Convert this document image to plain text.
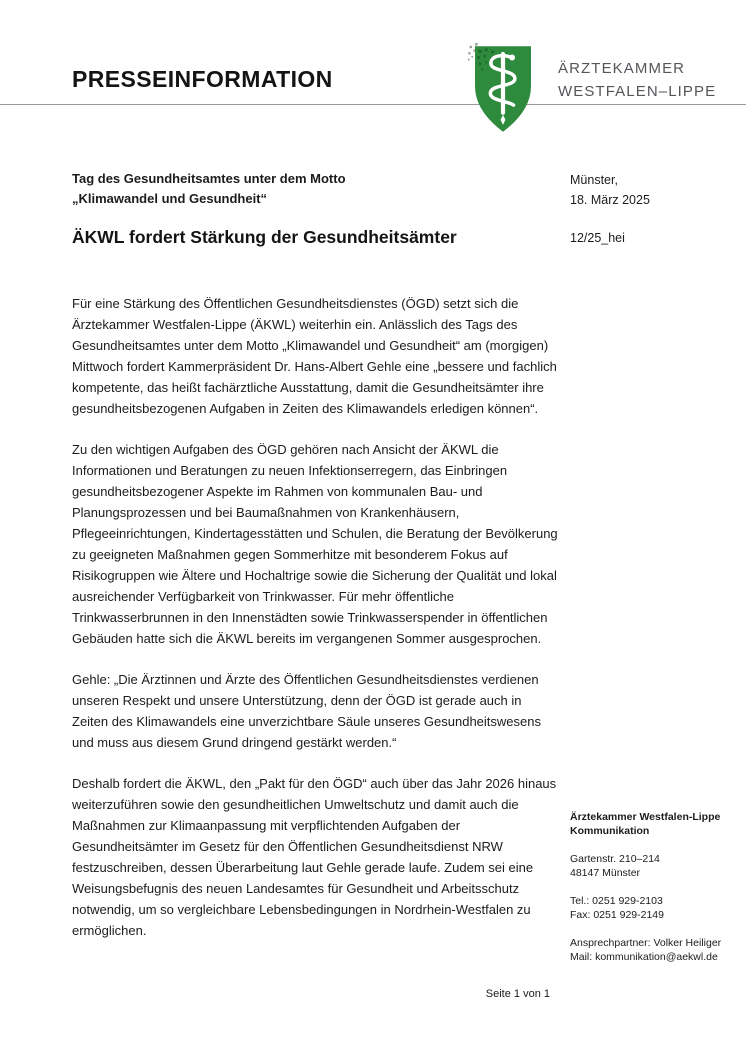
PRESSEINFORMATION	ÄRZTEKAMMER
WESTFALEN–LIPPE
Tag des Gesundheitsamtes unter dem Motto
„Klimawandel und Gesundheit“
Münster,
18. März 2025
ÄKWL fordert Stärkung der Gesundheitsämter	12/25_hei

Für eine Stärkung des Öffentlichen Gesundheitsdienstes (ÖGD) setzt sich die Ärztekammer Westfalen-Lippe (ÄKWL) weiterhin ein. Anlässlich des Tags des Gesundheitsamtes unter dem Motto „Klimawandel und Gesundheit“ am (morgigen) Mittwoch fordert Kammerpräsident Dr. Hans-Albert Gehle eine „bessere und fachlich kompetente, das heißt fachärztliche Ausstattung, damit die Gesundheitsämter ihre gesundheitsbezogenen Aufgaben in Zeiten des Klimawandels erledigen können“.

Zu den wichtigen Aufgaben des ÖGD gehören nach Ansicht der ÄKWL die Informationen und Beratungen zu neuen Infektionserregern, das Einbringen gesundheitsbezogener Aspekte im Rahmen von kommunalen Bau- und Planungsprozessen und bei Baumaßnahmen von Krankenhäusern, Pflegeeinrichtungen, Kindertagesstätten und Schulen, die Beratung der Bevölkerung zu geeigneten Maßnahmen gegen Sommerhitze mit besonderem Fokus auf Risikogruppen wie Ältere und Hochaltrige sowie die Sicherung der Qualität und lokal ausreichender Verfügbarkeit von Trinkwasser. Für mehr öffentliche Trinkwasserbrunnen in den Innenstädten sowie Trinkwasserspender in öffentlichen Gebäuden hatte sich die ÄKWL bereits im vergangenen Sommer ausgesprochen.

Gehle: „Die Ärztinnen und Ärzte des Öffentlichen Gesundheitsdienstes verdienen unseren Respekt und unsere Unterstützung, denn der ÖGD ist gerade auch in Zeiten des Klimawandels eine unverzichtbare Säule unseres Gesundheitswesens und muss aus diesem Grund dringend gestärkt werden.“

Deshalb fordert die ÄKWL, den „Pakt für den ÖGD“ auch über das Jahr 2026 hinaus weiterzuführen sowie den gesundheitlichen Umweltschutz und damit auch die Maßnahmen zur Klimaanpassung mit verpflichtenden Aufgaben der Gesundheitsämter im Gesetz für den Öffentlichen Gesundheitsdienst NRW festzuschreiben, dessen Überarbeitung laut Gehle gerade laufe. Zudem sei eine Weisungsbefugnis des neuen Landesamtes für Gesundheit und Arbeitsschutz notwendig, um so vergleichbare Lebensbedingungen in Nordrhein-Westfalen zu ermöglichen.

Ärztekammer Westfalen-Lippe
Kommunikation
Gartenstr. 210–214
48147 Münster
Tel.: 0251 929-2103
Fax: 0251 929-2149
Ansprechpartner: Volker Heiliger
Mail: kommunikation@aekwl.de
Seite 1 von 1
